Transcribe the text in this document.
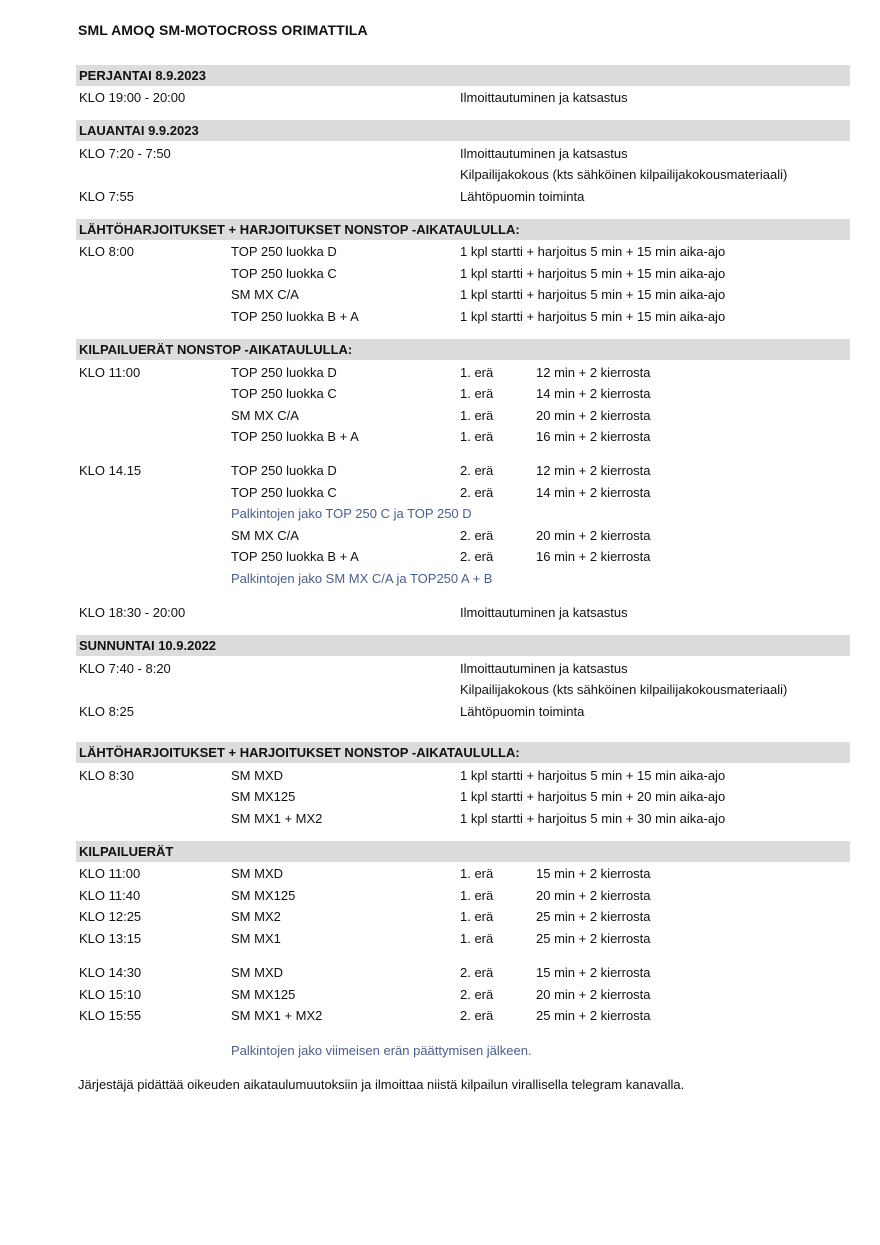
SML AMOQ SM-MOTOCROSS ORIMATTILA
PERJANTAI 8.9.2023
KLO 19:00 - 20:00	Ilmoittautuminen ja katsastus
LAUANTAI 9.9.2023
KLO 7:20 - 7:50	Ilmoittautuminen ja katsastus
Kilpailijakokous (kts sähköinen kilpailijakokousmateriaali)
KLO 7:55	Lähtöpuomin toiminta
LÄHTÖHARJOITUKSET + HARJOITUKSET NONSTOP -AIKATAULULLA:
KLO 8:00	TOP 250 luokka D	1 kpl startti + harjoitus 5 min + 15 min aika-ajo
TOP 250 luokka C	1 kpl startti + harjoitus 5 min + 15 min aika-ajo
SM MX C/A	1 kpl startti + harjoitus 5 min + 15 min aika-ajo
TOP 250 luokka B + A	1 kpl startti + harjoitus 5 min + 15 min aika-ajo
KILPAILUERÄT NONSTOP -AIKATAULULLA:
KLO 11:00	TOP 250 luokka D	1. erä	12 min + 2 kierrosta
TOP 250 luokka C	1. erä	14 min + 2 kierrosta
SM MX C/A	1. erä	20 min + 2 kierrosta
TOP 250 luokka B + A	1. erä	16 min + 2 kierrosta
KLO 14.15	TOP 250 luokka D	2. erä	12 min + 2 kierrosta
TOP 250 luokka C	2. erä	14 min + 2 kierrosta
Palkintojen jako TOP 250 C ja TOP 250 D
SM MX C/A	2. erä	20 min + 2 kierrosta
TOP 250 luokka B + A	2. erä	16 min + 2 kierrosta
Palkintojen jako SM MX C/A ja TOP250 A + B
KLO 18:30 - 20:00	Ilmoittautuminen ja katsastus
SUNNUNTAI 10.9.2022
KLO 7:40 - 8:20	Ilmoittautuminen ja katsastus
Kilpailijakokous (kts sähköinen kilpailijakokousmateriaali)
KLO 8:25	Lähtöpuomin toiminta
LÄHTÖHARJOITUKSET + HARJOITUKSET NONSTOP -AIKATAULULLA:
KLO 8:30	SM MXD	1 kpl startti + harjoitus 5 min + 15 min aika-ajo
SM MX125	1 kpl startti + harjoitus 5 min + 20 min aika-ajo
SM MX1 + MX2	1 kpl startti + harjoitus 5 min + 30 min aika-ajo
KILPAILUERÄT
KLO 11:00	SM MXD	1. erä	15 min + 2 kierrosta
KLO 11:40	SM MX125	1. erä	20 min + 2 kierrosta
KLO 12:25	SM MX2	1. erä	25 min + 2 kierrosta
KLO 13:15	SM MX1	1. erä	25 min + 2 kierrosta
KLO 14:30	SM MXD	2. erä	15 min + 2 kierrosta
KLO 15:10	SM MX125	2. erä	20 min + 2 kierrosta
KLO 15:55	SM MX1 + MX2	2. erä	25 min + 2 kierrosta
Palkintojen jako viimeisen erän päättymisen jälkeen.
Järjestäjä pidättää oikeuden aikataulumuutoksiin ja ilmoittaa niistä kilpailun virallisella telegram kanavalla.
